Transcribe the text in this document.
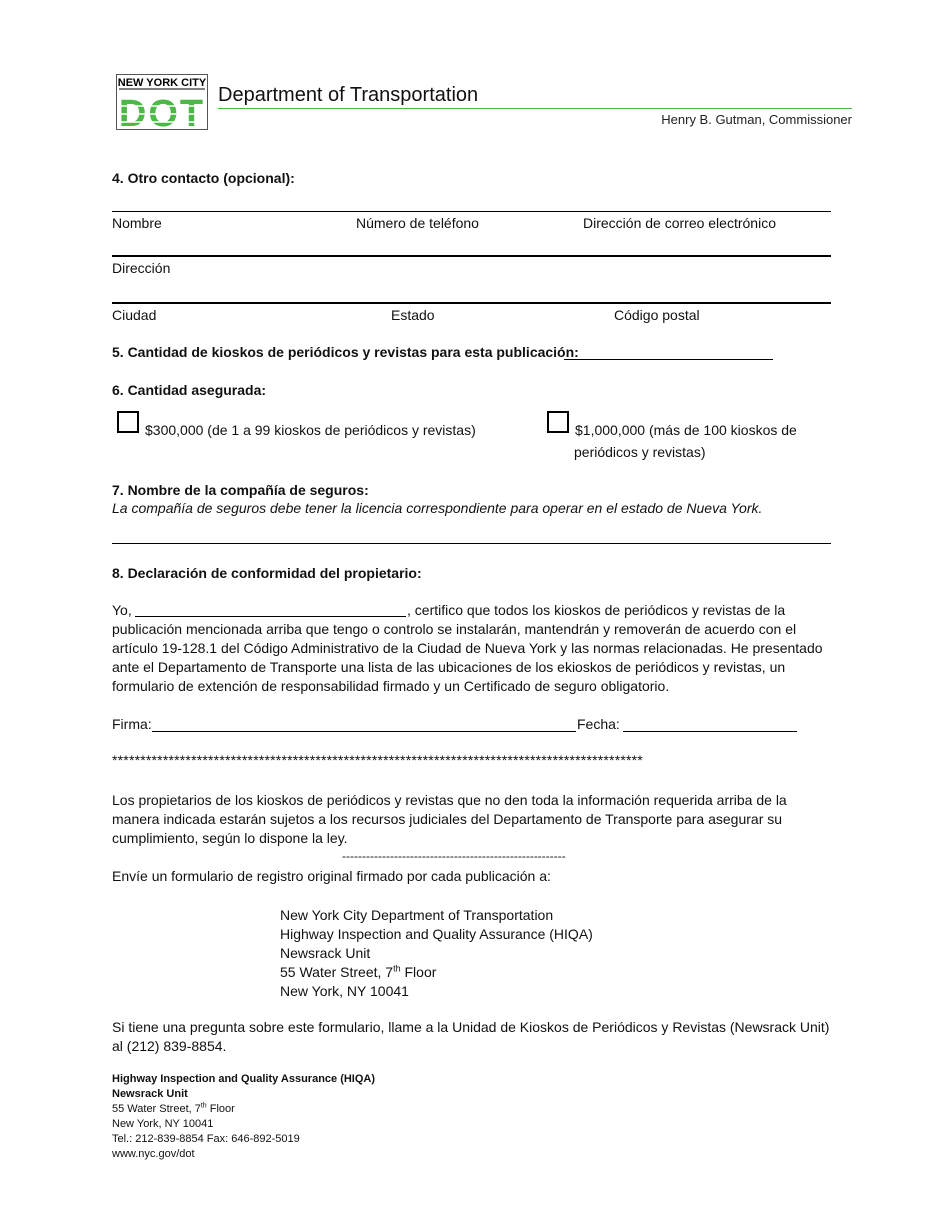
NEW YORK CITY
DOT Department of Transportation
Henry B. Gutman, Commissioner
4. Otro contacto (opcional):
Nombre	Número de teléfono	Dirección de correo electrónico
Dirección
Ciudad	Estado	Código postal
5. Cantidad de kioskos de periódicos y revistas para esta publicación:
6. Cantidad asegurada:
$300,000 (de 1 a 99 kioskos de periódicos y revistas)	$1,000,000 (más de 100 kioskos de
periódicos y revistas)
7. Nombre de la compañía de seguros:
La compañía de seguros debe tener la licencia correspondiente para operar en el estado de Nueva York.
8. Declaración de conformidad del propietario:
Yo,	, certifico que todos los kioskos de periódicos y revistas de la
publicación mencionada arriba que tengo o controlo se instalarán, mantendrán y removerán de acuerdo con el
artículo 19-128.1 del Código Administrativo de la Ciudad de Nueva York y las normas relacionadas. He presentado
ante el Departamento de Transporte una lista de las ubicaciones de los ekioskos de periódicos y revistas, un
formulario de extención de responsabilidad firmado y un Certificado de seguro obligatorio.
Firma:	Fecha:
**********************************************************************************************
Los propietarios de los kioskos de periódicos y revistas que no den toda la información requerida arriba de la
manera indicada estarán sujetos a los recursos judiciales del Departamento de Transporte para asegurar su
cumplimiento, según lo dispone la ley.
--------------------------------------------------------
Envíe un formulario de registro original firmado por cada publicación a:
New York City Department of Transportation
Highway Inspection and Quality Assurance (HIQA)
Newsrack Unit
55 Water Street, 7th Floor
New York, NY 10041
Si tiene una pregunta sobre este formulario, llame a la Unidad de Kioskos de Periódicos y Revistas (Newsrack Unit)
al (212) 839-8854.
Highway Inspection and Quality Assurance (HIQA)
Newsrack Unit
55 Water Street, 7th Floor
New York, NY 10041
Tel.: 212-839-8854 Fax: 646-892-5019
www.nyc.gov/dot
